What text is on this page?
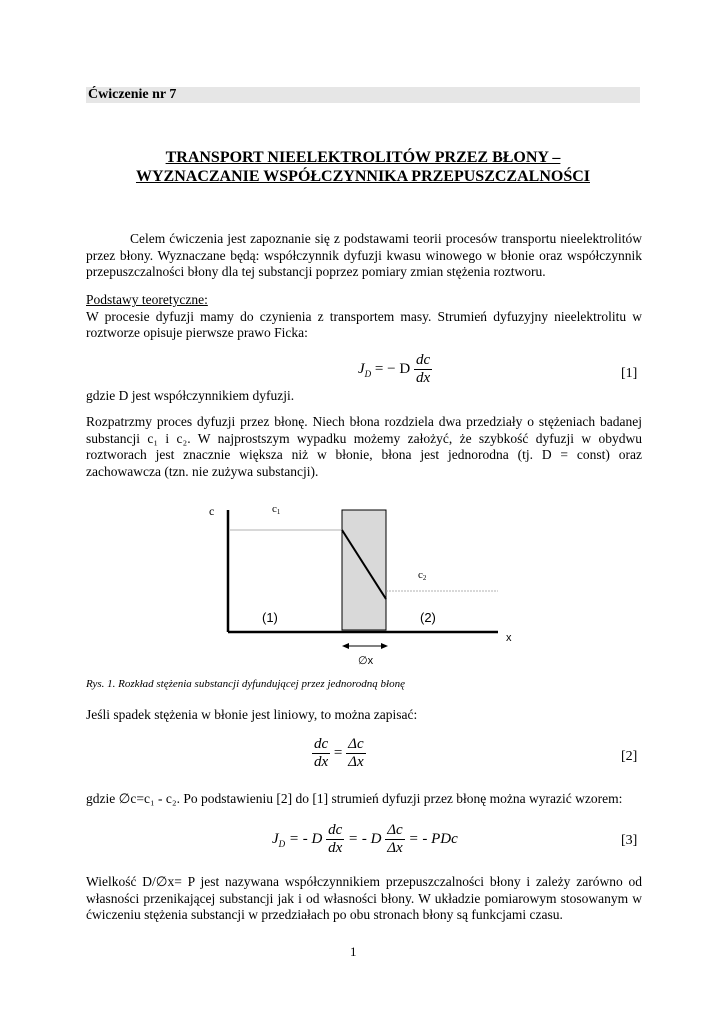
Ćwiczenie nr 7
TRANSPORT NIEELEKTROLITÓW PRZEZ BŁONY –
WYZNACZANIE WSPÓŁCZYNNIKA PRZEPUSZCZALNOŚCI
Celem ćwiczenia jest zapoznanie się z podstawami teorii procesów transportu nieelektrolitów przez błony. Wyznaczane będą: współczynnik dyfuzji kwasu winowego w błonie oraz współczynnik przepuszczalności błony dla tej substancji poprzez pomiary zmian stężenia roztworu.
Podstawy teoretyczne:
W procesie dyfuzji mamy do czynienia z transportem masy. Strumień dyfuzyjny nieelektrolitu w roztworze opisuje pierwsze prawo Ficka:
$J_D$ = − D $\frac{dc}{dx}$	[1]
gdzie D jest współczynnikiem dyfuzji.
Rozpatrzmy proces dyfuzji przez błonę. Niech błona rozdziela dwa przedziały o stężeniach badanej substancji c₁ i c₂. W najprostszym wypadku możemy założyć, że szybkość dyfuzji w obydwu roztworach jest znacznie większa niż w błonie, błona jest jednorodna (tj. D = const) oraz zachowawcza (tzn. nie zużywa substancji).
c	c1
c2
(1)	(2)
x
∅x
Rys. 1. Rozkład stężenia substancji dyfundującej przez jednorodną błonę
Jeśli spadek stężenia w błonie jest liniowy, to można zapisać:
$\frac{dc}{dx} = \frac{\Delta c}{\Delta x}$	[2]
gdzie ∅c=c₁ - c₂. Po podstawieniu [2] do [1] strumień dyfuzji przez błonę można wyrazić wzorem:
$J_D$ = - D $\frac{dc}{dx}$ = - D $\frac{\Delta c}{\Delta x}$ = - PDc	[3]
Wielkość D/∅x= P jest nazywana współczynnikiem przepuszczalności błony i zależy zarówno od własności przenikającej substancji jak i od własności błony. W układzie pomiarowym stosowanym w ćwiczeniu stężenia substancji w przedziałach po obu stronach błony są funkcjami czasu.
1
